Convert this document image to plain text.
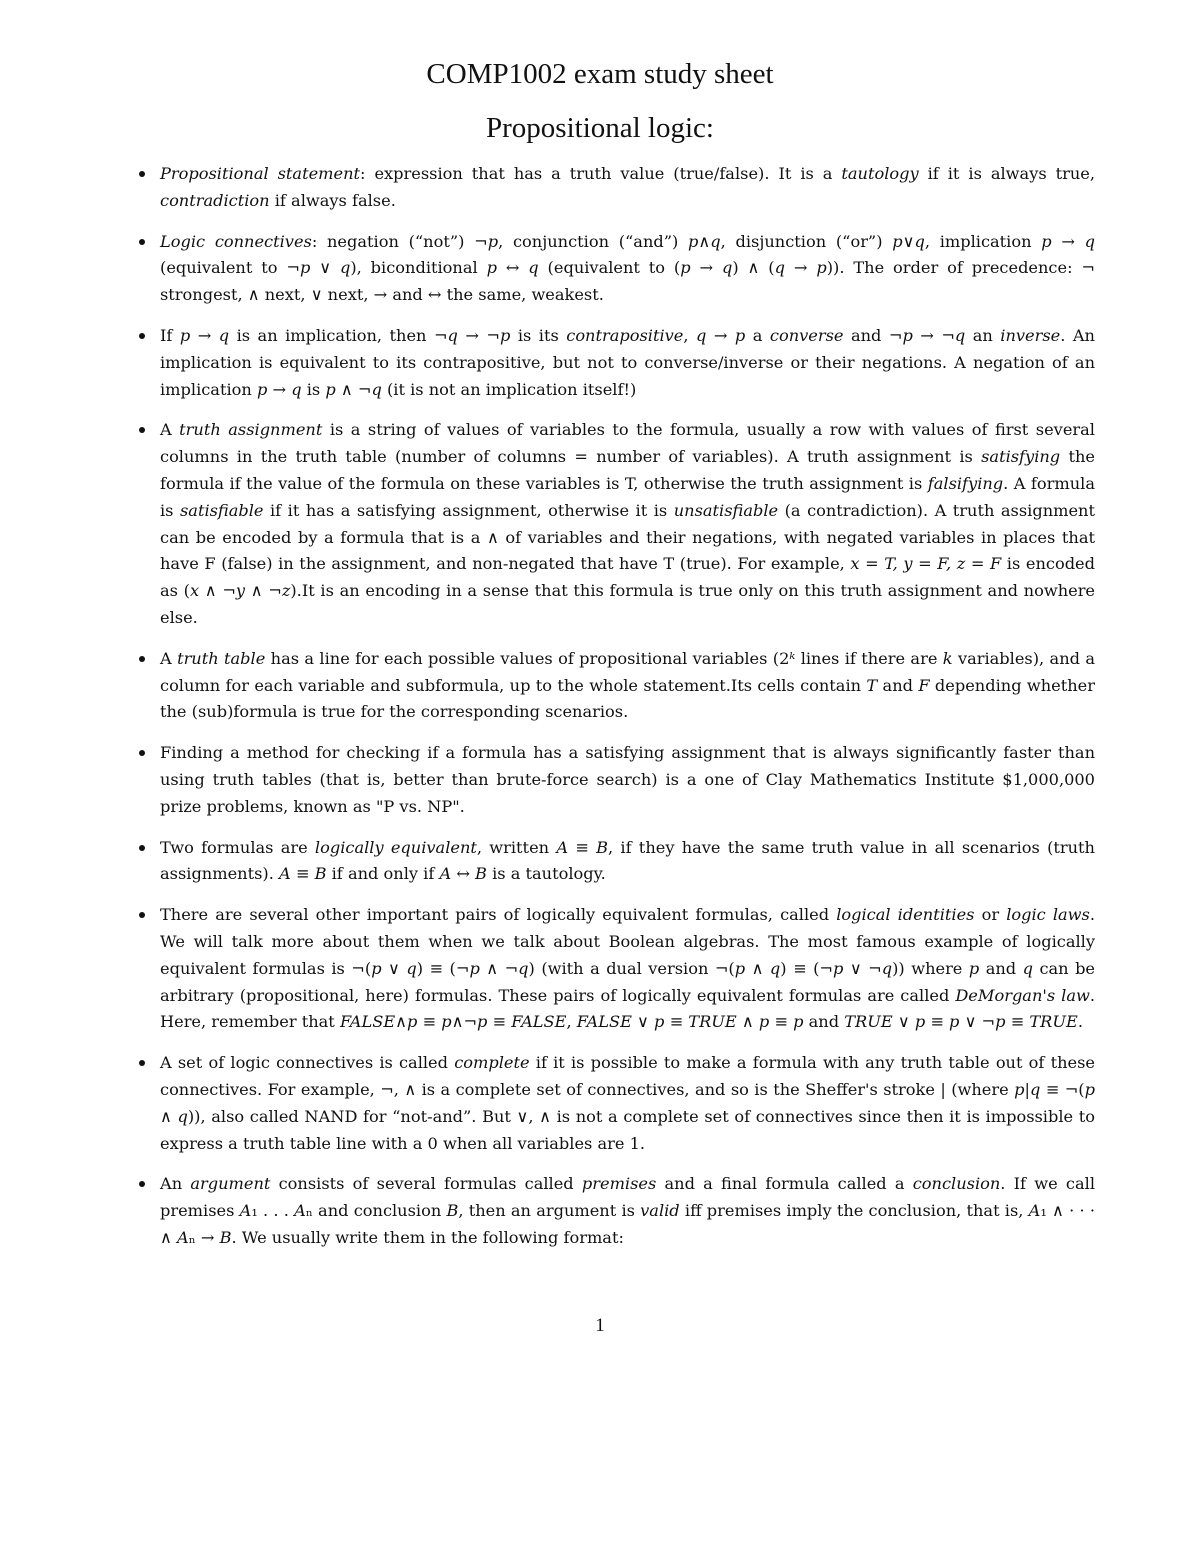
COMP1002 exam study sheet
Propositional logic:
Propositional statement: expression that has a truth value (true/false). It is a tautology if it is always true, contradiction if always false.
Logic connectives: negation (“not”) ¬p, conjunction (“and”) p∧q, disjunction (“or”) p∨q, implication p → q (equivalent to ¬p ∨ q), biconditional p ↔ q (equivalent to (p → q) ∧ (q → p)). The order of precedence: ¬ strongest, ∧ next, ∨ next, → and ↔ the same, weakest.
If p → q is an implication, then ¬q → ¬p is its contrapositive, q → p a converse and ¬p → ¬q an inverse. An implication is equivalent to its contrapositive, but not to converse/inverse or their negations. A negation of an implication p → q is p ∧ ¬q (it is not an implication itself!)
A truth assignment is a string of values of variables to the formula, usually a row with values of first several columns in the truth table (number of columns = number of variables). A truth assignment is satisfying the formula if the value of the formula on these variables is T, otherwise the truth assignment is falsifying. A formula is satisfiable if it has a satisfying assignment, otherwise it is unsatisfiable (a contradiction). A truth assignment can be encoded by a formula that is a ∧ of variables and their negations, with negated variables in places that have F (false) in the assignment, and non-negated that have T (true). For example, x = T, y = F, z = F is encoded as (x ∧ ¬y ∧ ¬z).It is an encoding in a sense that this formula is true only on this truth assignment and nowhere else.
A truth table has a line for each possible values of propositional variables (2ᵏ lines if there are k variables), and a column for each variable and subformula, up to the whole statement.Its cells contain T and F depending whether the (sub)formula is true for the corresponding scenarios.
Finding a method for checking if a formula has a satisfying assignment that is always significantly faster than using truth tables (that is, better than brute-force search) is a one of Clay Mathematics Institute $1,000,000 prize problems, known as "P vs. NP".
Two formulas are logically equivalent, written A ≡ B, if they have the same truth value in all scenarios (truth assignments). A ≡ B if and only if A ↔ B is a tautology.
There are several other important pairs of logically equivalent formulas, called logical identities or logic laws. We will talk more about them when we talk about Boolean algebras. The most famous example of logically equivalent formulas is ¬(p ∨ q) ≡ (¬p ∧ ¬q) (with a dual version ¬(p ∧ q) ≡ (¬p ∨ ¬q)) where p and q can be arbitrary (propositional, here) formulas. These pairs of logically equivalent formulas are called DeMorgan's law. Here, remember that FALSE∧p ≡ p∧¬p ≡ FALSE, FALSE ∨ p ≡ TRUE ∧ p ≡ p and TRUE ∨ p ≡ p ∨ ¬p ≡ TRUE.
A set of logic connectives is called complete if it is possible to make a formula with any truth table out of these connectives. For example, ¬, ∧ is a complete set of connectives, and so is the Sheffer's stroke | (where p|q ≡ ¬(p ∧ q)), also called NAND for “not-and”. But ∨, ∧ is not a complete set of connectives since then it is impossible to express a truth table line with a 0 when all variables are 1.
An argument consists of several formulas called premises and a final formula called a conclusion. If we call premises A₁ . . . Aₙ and conclusion B, then an argument is valid iff premises imply the conclusion, that is, A₁ ∧ · · · ∧ Aₙ → B. We usually write them in the following format:
1
